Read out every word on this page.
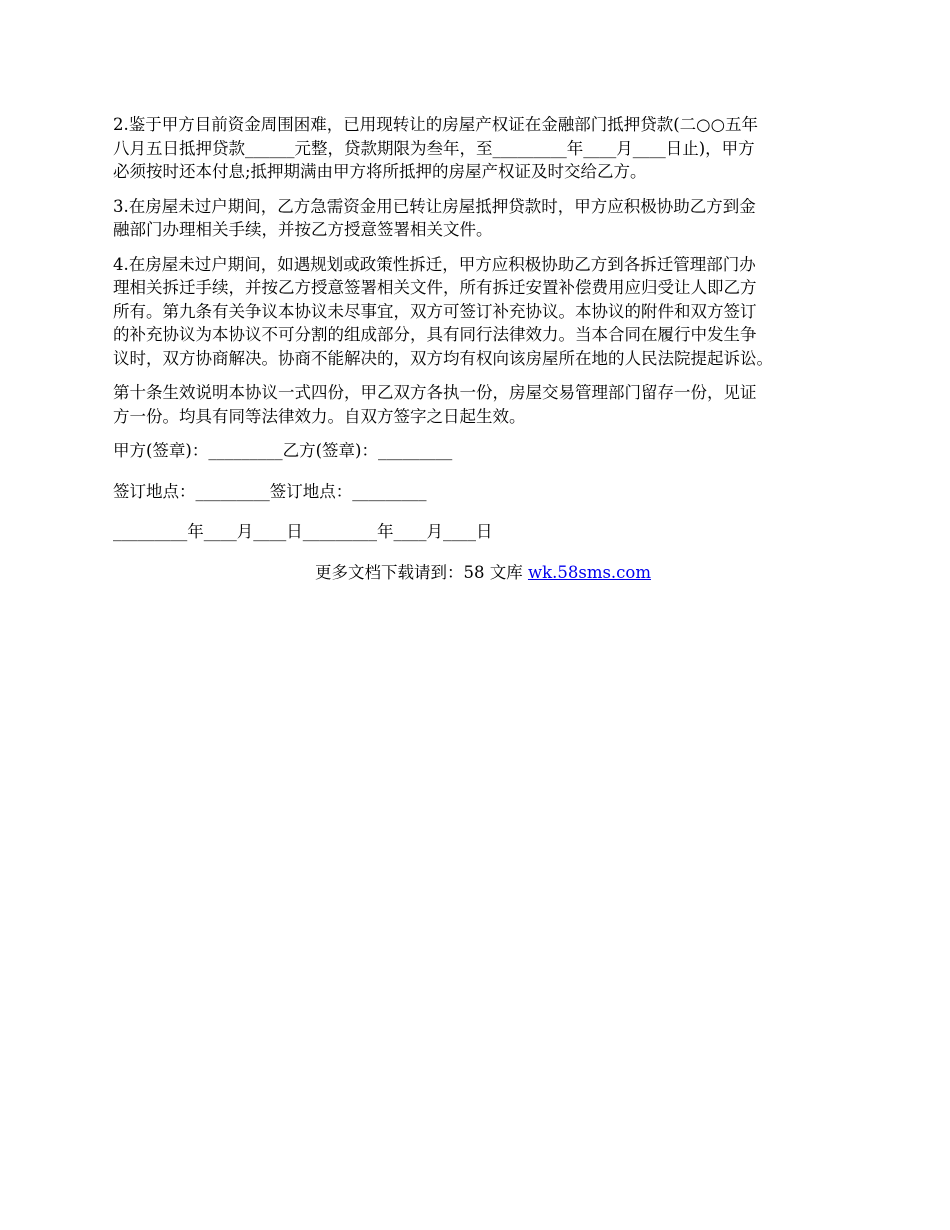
2.鉴于甲方目前资金周围困难，已用现转让的房屋产权证在金融部门抵押贷款(二○○五年
八月五日抵押贷款______元整，贷款期限为叁年，至_________年____月____日止)，甲方
必须按时还本付息;抵押期满由甲方将所抵押的房屋产权证及时交给乙方。

3.在房屋未过户期间，乙方急需资金用已转让房屋抵押贷款时，甲方应积极协助乙方到金
融部门办理相关手续，并按乙方授意签署相关文件。

4.在房屋未过户期间，如遇规划或政策性拆迁，甲方应积极协助乙方到各拆迁管理部门办
理相关拆迁手续，并按乙方授意签署相关文件，所有拆迁安置补偿费用应归受让人即乙方
所有。第九条有关争议本协议未尽事宜，双方可签订补充协议。本协议的附件和双方签订
的补充协议为本协议不可分割的组成部分，具有同行法律效力。当本合同在履行中发生争
议时，双方协商解决。协商不能解决的，双方均有权向该房屋所在地的人民法院提起诉讼。

第十条生效说明本协议一式四份，甲乙双方各执一份，房屋交易管理部门留存一份，见证
方一份。均具有同等法律效力。自双方签字之日起生效。

甲方(签章)：_________乙方(签章)：_________

签订地点：_________签订地点：_________

_________年____月____日_________年____月____日

更多文档下载请到：58 文库 wk.58sms.com
